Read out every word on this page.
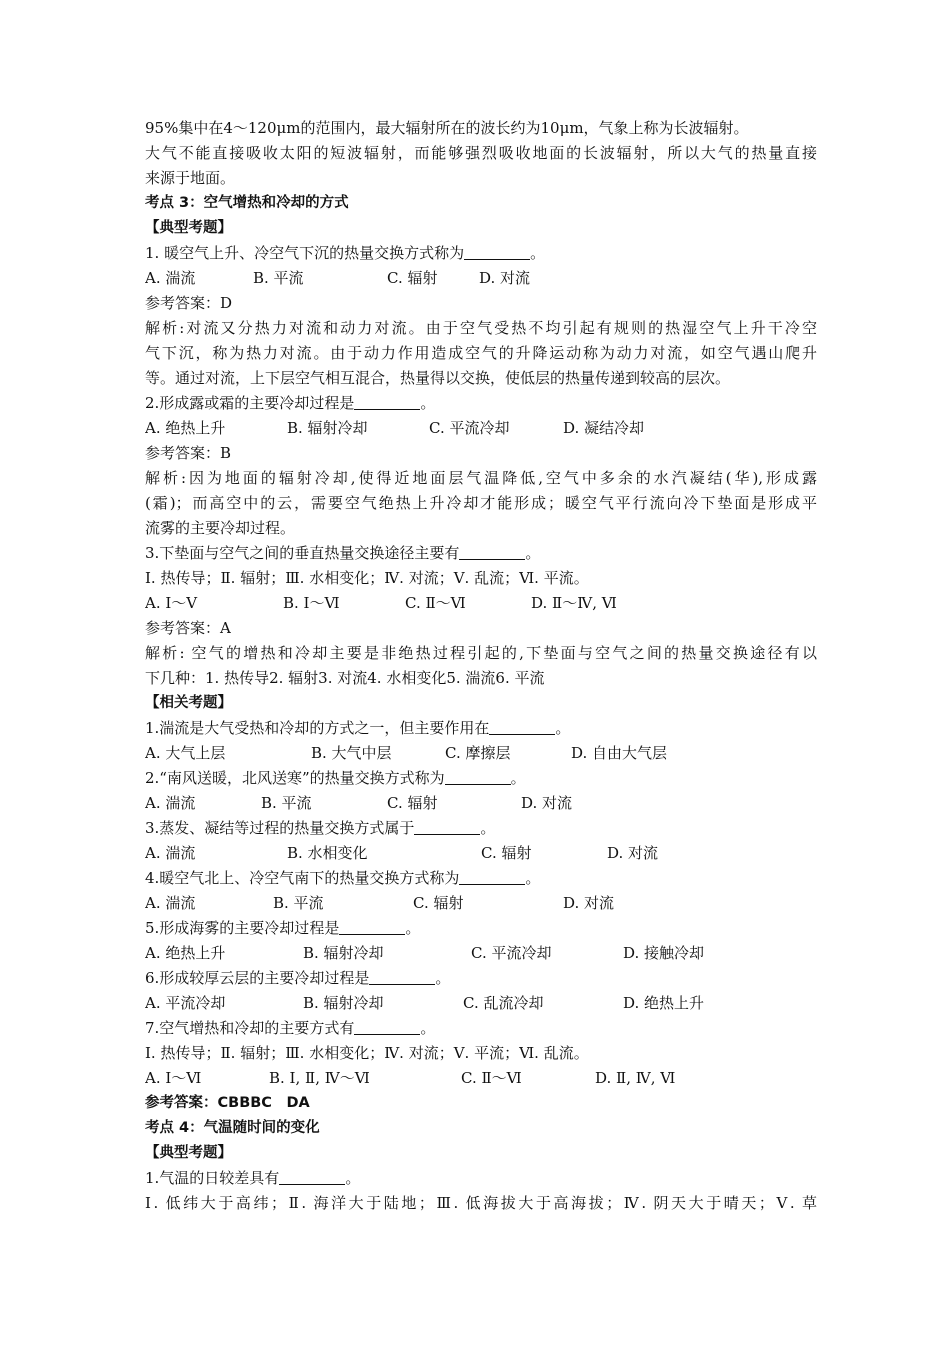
95%集中在4～120μm的范围内，最大辐射所在的波长约为10μm，气象上称为长波辐射。
大气不能直接吸收太阳的短波辐射，而能够强烈吸收地面的长波辐射，所以大气的热量直接
来源于地面。
考点 3：空气增热和冷却的方式
【典型考题】
1. 暖空气上升、冷空气下沉的热量交换方式称为	。
A. 湍流	B. 平流	C. 辐射	D. 对流
参考答案：D
解析:对流又分热力对流和动力对流。由于空气受热不均引起有规则的热湿空气上升干冷空
气下沉，称为热力对流。由于动力作用造成空气的升降运动称为动力对流，如空气遇山爬升
等。通过对流，上下层空气相互混合，热量得以交换，使低层的热量传递到较高的层次。
2.形成露或霜的主要冷却过程是	。
A. 绝热上升	B. 辐射冷却	C. 平流冷却	D. 凝结冷却
参考答案：B
解析:因为地面的辐射冷却,使得近地面层气温降低,空气中多余的水汽凝结(华),形成露
(霜)；而高空中的云，需要空气绝热上升冷却才能形成；暖空气平行流向冷下垫面是形成平
流雾的主要冷却过程。
3.下垫面与空气之间的垂直热量交换途径主要有	。
Ⅰ. 热传导；Ⅱ. 辐射；Ⅲ. 水相变化；Ⅳ. 对流；Ⅴ. 乱流；Ⅵ. 平流。
A. Ⅰ～Ⅴ	B. Ⅰ～Ⅵ	C. Ⅱ～Ⅵ	D. Ⅱ～Ⅳ, Ⅵ
参考答案：A
解析: 空气的增热和冷却主要是非绝热过程引起的,下垫面与空气之间的热量交换途径有以
下几种：1. 热传导2. 辐射3. 对流4. 水相变化5. 湍流6. 平流
【相关考题】
1.湍流是大气受热和冷却的方式之一，但主要作用在	。
A. 大气上层	B. 大气中层	C. 摩擦层	D. 自由大气层
2.“南风送暖，北风送寒”的热量交换方式称为	。
A. 湍流	B. 平流	C. 辐射	D. 对流
3.蒸发、凝结等过程的热量交换方式属于	。
A. 湍流	B. 水相变化	C. 辐射	D. 对流
4.暖空气北上、冷空气南下的热量交换方式称为	。
A. 湍流	B. 平流	C. 辐射	D. 对流
5.形成海雾的主要冷却过程是	。
A. 绝热上升	B. 辐射冷却	C. 平流冷却	D. 接触冷却
6.形成较厚云层的主要冷却过程是	。
A. 平流冷却	B. 辐射冷却	C. 乱流冷却	D. 绝热上升
7.空气增热和冷却的主要方式有	。
Ⅰ. 热传导；Ⅱ. 辐射；Ⅲ. 水相变化；Ⅳ. 对流；Ⅴ. 平流；Ⅵ. 乱流。
A. Ⅰ～Ⅵ	B. Ⅰ, Ⅱ, Ⅳ～Ⅵ	C. Ⅱ～Ⅵ	D. Ⅱ, Ⅳ, Ⅵ
参考答案：CBBBC　DA
考点 4：气温随时间的变化
【典型考题】
1.气温的日较差具有	。
Ⅰ. 低纬大于高纬；Ⅱ. 海洋大于陆地；Ⅲ. 低海拔大于高海拔；Ⅳ. 阴天大于晴天；Ⅴ. 草
